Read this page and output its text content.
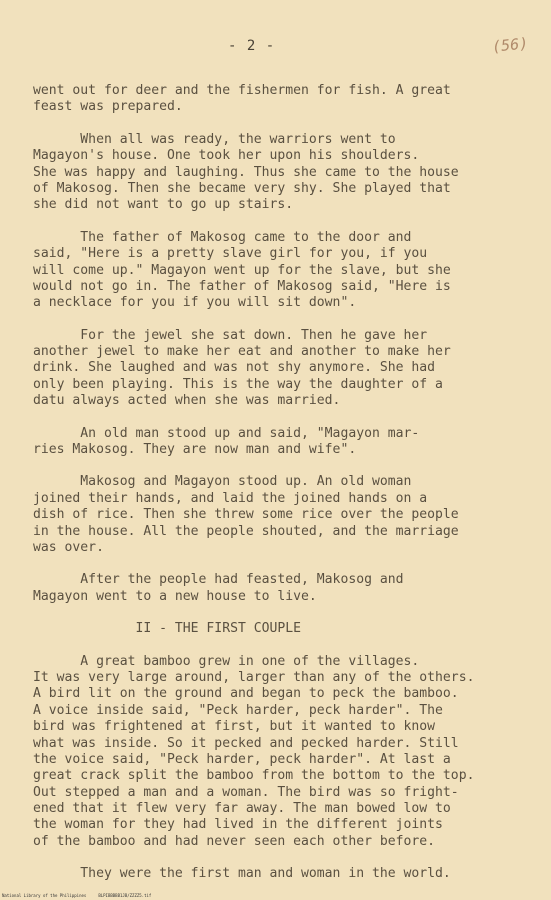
- 2 -	(56)
went out for deer and the fishermen for fish. A great
feast was prepared.
When all was ready, the warriors went to
Magayon's house. One took her upon his shoulders.
She was happy and laughing. Thus she came to the house
of Makosog. Then she became very shy. She played that
she did not want to go up stairs.
The father of Makosog came to the door and
said, "Here is a pretty slave girl for you, if you
will come up." Magayon went up for the slave, but she
would not go in. The father of Makosog said, "Here is
a necklace for you if you will sit down".
For the jewel she sat down. Then he gave her
another jewel to make her eat and another to make her
drink. She laughed and was not shy anymore. She had
only been playing. This is the way the daughter of a
datu always acted when she was married.
An old man stood up and said, "Magayon mar-
ries Makosog. They are now man and wife".
Makosog and Magayon stood up. An old woman
joined their hands, and laid the joined hands on a
dish of rice. Then she threw some rice over the people
in the house. All the people shouted, and the marriage
was over.
After the people had feasted, Makosog and
Magayon went to a new house to live.
II - THE FIRST COUPLE
A great bamboo grew in one of the villages.
It was very large around, larger than any of the others.
A bird lit on the ground and began to peck the bamboo.
A voice inside said, "Peck harder, peck harder". The
bird was frightened at first, but it wanted to know
what was inside. So it pecked and pecked harder. Still
the voice said, "Peck harder, peck harder". At last a
great crack split the bamboo from the bottom to the top.
Out stepped a man and a woman. The bird was so fright-
ened that it flew very far away. The man bowed low to
the woman for they had lived in the different joints
of the bamboo and had never seen each other before.
They were the first man and woman in the world.
National Library of the Philippines     BLPIBBBBB1JB/ZZZZ5.tif
